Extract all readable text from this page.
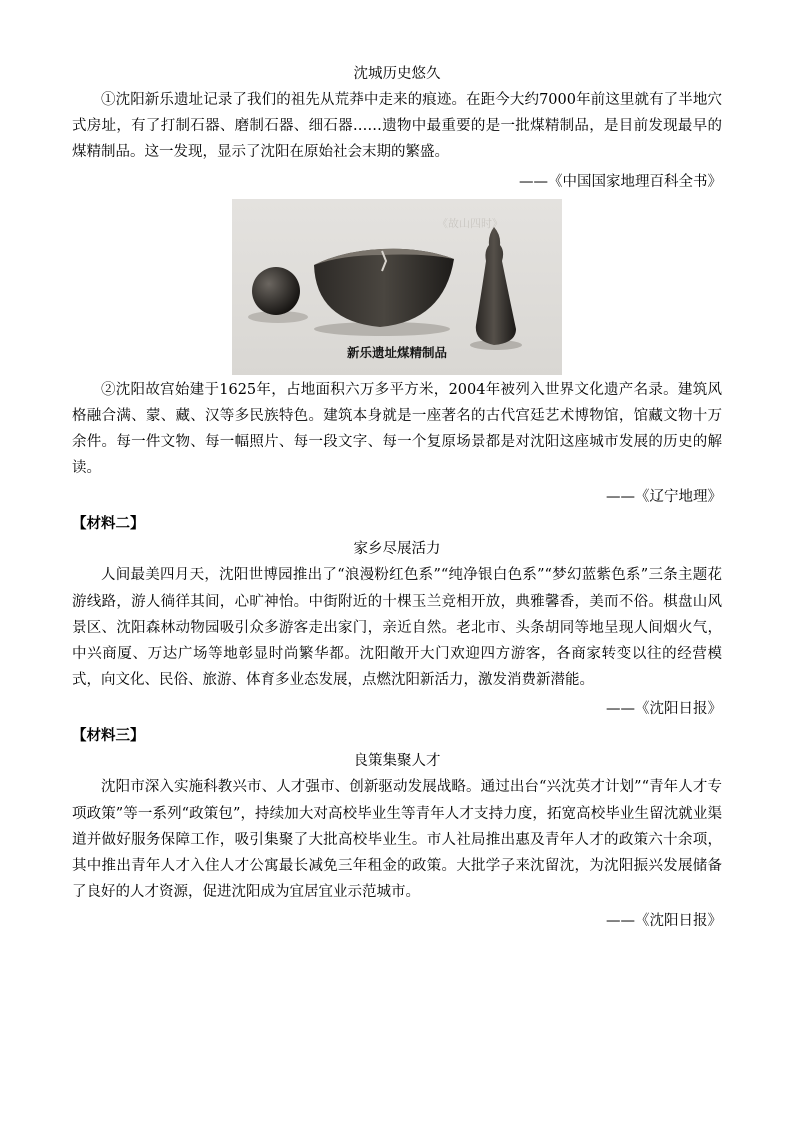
沈城历史悠久

①沈阳新乐遗址记录了我们的祖先从荒莽中走来的痕迹。在距今大约7000年前这里就有了半地穴式房址，有了打制石器、磨制石器、细石器……遗物中最重要的是一批煤精制品，是目前发现最早的煤精制品。这一发现，显示了沈阳在原始社会末期的繁盛。

——《中国国家地理百科全书》
《故山四时》
新乐遗址煤精制品

②沈阳故宫始建于1625年，占地面积六万多平方米，2004年被列入世界文化遗产名录。建筑风格融合满、蒙、藏、汉等多民族特色。建筑本身就是一座著名的古代宫廷艺术博物馆，馆藏文物十万余件。每一件文物、每一幅照片、每一段文字、每一个复原场景都是对沈阳这座城市发展的历史的解读。

——《辽宁地理》
【材料二】
家乡尽展活力

人间最美四月天，沈阳世博园推出了“浪漫粉红色系”“纯净银白色系”“梦幻蓝紫色系”三条主题花游线路，游人徜徉其间，心旷神怡。中街附近的十棵玉兰竞相开放，典雅馨香，美而不俗。棋盘山风景区、沈阳森林动物园吸引众多游客走出家门，亲近自然。老北市、头条胡同等地呈现人间烟火气，中兴商厦、万达广场等地彰显时尚繁华都。沈阳敞开大门欢迎四方游客，各商家转变以往的经营模式，向文化、民俗、旅游、体育多业态发展，点燃沈阳新活力，激发消费新潜能。

——《沈阳日报》
【材料三】
良策集聚人才

沈阳市深入实施科教兴市、人才强市、创新驱动发展战略。通过出台“兴沈英才计划”“青年人才专项政策”等一系列“政策包”，持续加大对高校毕业生等青年人才支持力度，拓宽高校毕业生留沈就业渠道并做好服务保障工作，吸引集聚了大批高校毕业生。市人社局推出惠及青年人才的政策六十余项，其中推出青年人才入住人才公寓最长减免三年租金的政策。大批学子来沈留沈，为沈阳振兴发展储备了良好的人才资源，促进沈阳成为宜居宜业示范城市。

——《沈阳日报》
